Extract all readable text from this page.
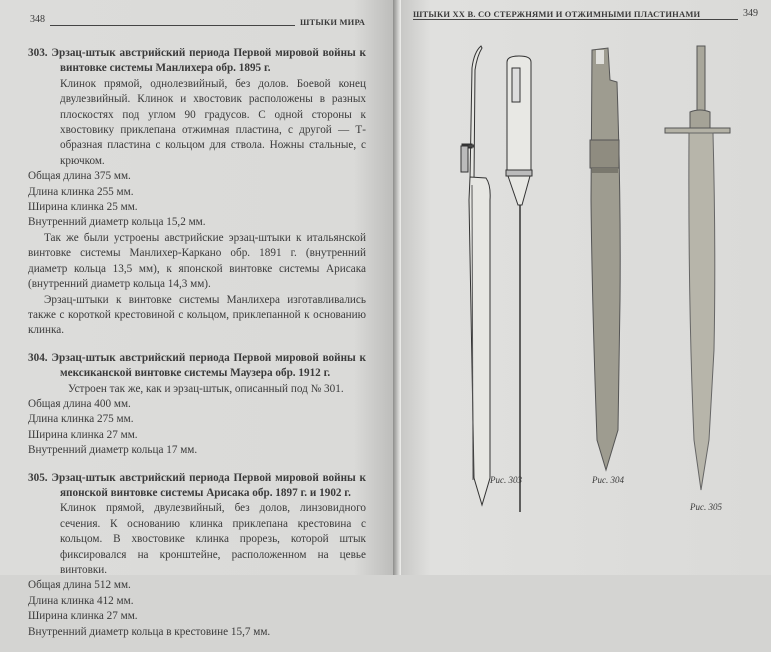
348	ШТЫКИ МИРА
303. Эрзац-штык австрийский периода Первой мировой войны к винтовке системы Манлихера обр. 1895 г.
Клинок прямой, однолезвийный, без долов. Боевой конец двулезвийный. Клинок и хвостовик расположены в разных плоскостях под углом 90 градусов. С одной стороны к хвостовику приклепана отжимная пластина, с другой — Т-образная пластина с кольцом для ствола. Ножны стальные, с крючком.
Общая длина 375 мм.
Длина клинка 255 мм.
Ширина клинка 25 мм.
Внутренний диаметр кольца 15,2 мм.
Так же были устроены австрийские эрзац-штыки к итальянской винтовке системы Манлихер-Каркано обр. 1891 г. (внутренний диаметр кольца 13,5 мм), к японской винтовке системы Арисака (внутренний диаметр кольца 14,3 мм).
Эрзац-штыки к винтовке системы Манлихера изготавливались также с короткой крестовиной с кольцом, приклепанной к основанию клинка.
304. Эрзац-штык австрийский периода Первой мировой войны к мексиканской винтовке системы Маузера обр. 1912 г.
Устроен так же, как и эрзац-штык, описанный под № 301.
Общая длина 400 мм.
Длина клинка 275 мм.
Ширина клинка 27 мм.
Внутренний диаметр кольца 17 мм.
305. Эрзац-штык австрийский периода Первой мировой войны к японской винтовке системы Арисака обр. 1897 г. и 1902 г.
Клинок прямой, двулезвийный, без долов, линзовидного сечения. К основанию клинка приклепана крестовина с кольцом. В хвостовике клинка прорезь, которой штык фиксировался на кронштейне, расположенном на цевье винтовки.
Общая длина 512 мм.
Длина клинка 412 мм.
Ширина клинка 27 мм.
Внутренний диаметр кольца в крестовине 15,7 мм.
ШТЫКИ XX В. СО СТЕРЖНЯМИ И ОТЖИМНЫМИ ПЛАСТИНАМИ	349
Рис. 303	Рис. 304
Рис. 305
